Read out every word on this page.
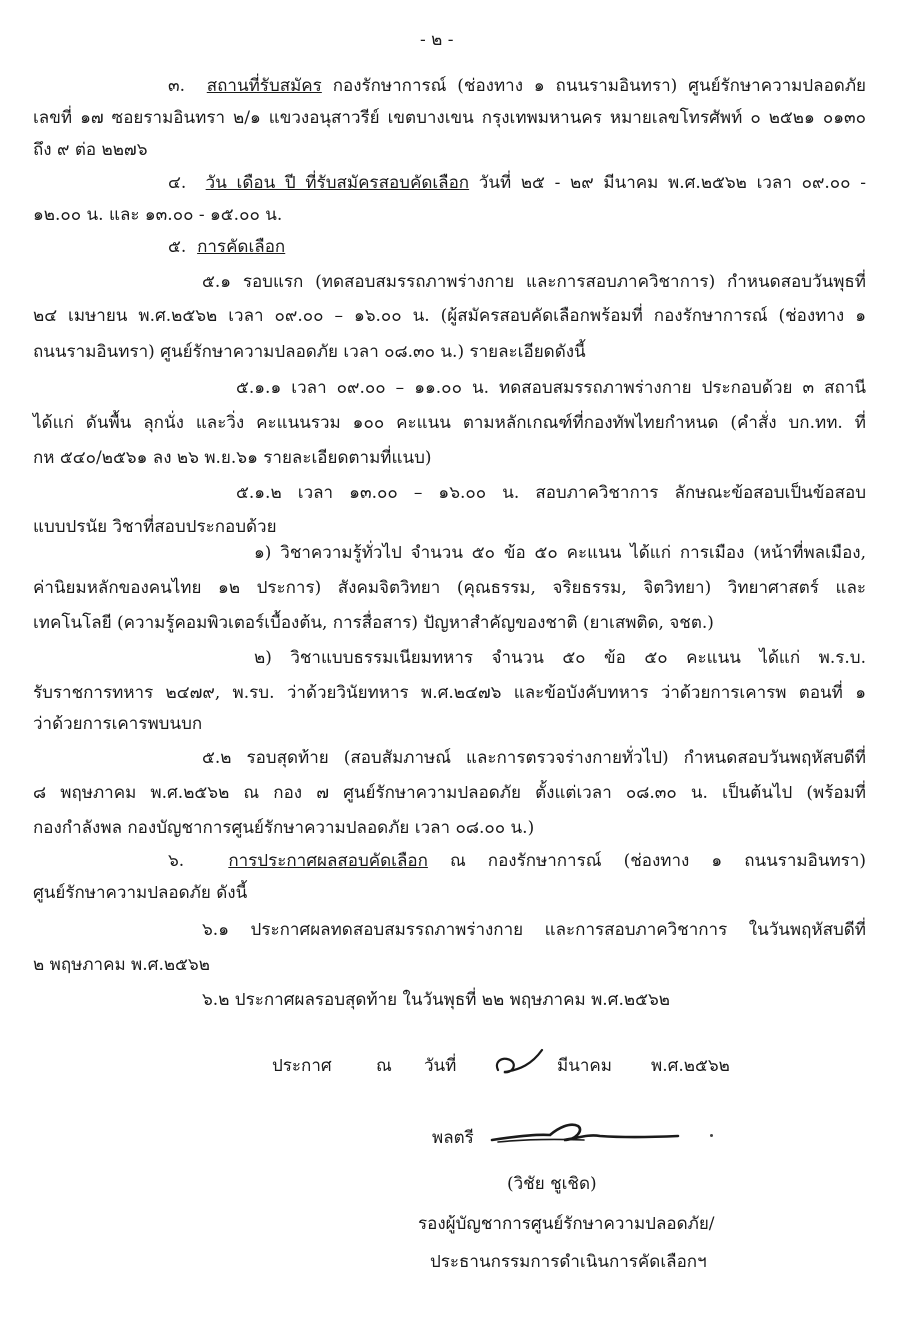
- ๒ -

๓. สถานที่รับสมัคร กองรักษาการณ์ (ช่องทาง ๑ ถนนรามอินทรา) ศูนย์รักษาความปลอดภัย

เลขที่ ๑๗ ซอยรามอินทรา ๒/๑ แขวงอนุสาวรีย์ เขตบางเขน กรุงเทพมหานคร หมายเลขโทรศัพท์ ๐ ๒๕๒๑ ๐๑๓๐

ถึง ๙ ต่อ ๒๒๗๖

๔. วัน เดือน ปี ที่รับสมัครสอบคัดเลือก วันที่ ๒๕ - ๒๙ มีนาคม พ.ศ.๒๕๖๒ เวลา ๐๙.๐๐ -

๑๒.๐๐ น. และ ๑๓.๐๐ - ๑๕.๐๐ น.

๕. การคัดเลือก

๕.๑ รอบแรก (ทดสอบสมรรถภาพร่างกาย และการสอบภาควิชาการ) กำหนดสอบวันพุธที่

๒๔ เมษายน พ.ศ.๒๕๖๒ เวลา ๐๙.๐๐ – ๑๖.๐๐ น. (ผู้สมัครสอบคัดเลือกพร้อมที่ กองรักษาการณ์ (ช่องทาง ๑

ถนนรามอินทรา) ศูนย์รักษาความปลอดภัย เวลา ๐๘.๓๐ น.) รายละเอียดดังนี้

๕.๑.๑ เวลา ๐๙.๐๐ – ๑๑.๐๐ น. ทดสอบสมรรถภาพร่างกาย ประกอบด้วย ๓ สถานี

ได้แก่ ดันพื้น ลุกนั่ง และวิ่ง คะแนนรวม ๑๐๐ คะแนน ตามหลักเกณฑ์ที่กองทัพไทยกำหนด (คำสั่ง บก.ทท. ที่

กห ๕๔๐/๒๕๖๑ ลง ๒๖ พ.ย.๖๑ รายละเอียดตามที่แนบ)

๕.๑.๒ เวลา ๑๓.๐๐ – ๑๖.๐๐ น. สอบภาควิชาการ ลักษณะข้อสอบเป็นข้อสอบ

แบบปรนัย วิชาที่สอบประกอบด้วย

๑) วิชาความรู้ทั่วไป จำนวน ๕๐ ข้อ ๕๐ คะแนน ได้แก่ การเมือง (หน้าที่พลเมือง,

ค่านิยมหลักของคนไทย ๑๒ ประการ) สังคมจิตวิทยา (คุณธรรม, จริยธรรม, จิตวิทยา) วิทยาศาสตร์ และ

เทคโนโลยี (ความรู้คอมพิวเตอร์เบื้องต้น, การสื่อสาร) ปัญหาสำคัญของชาติ (ยาเสพติด, จชต.)

๒) วิชาแบบธรรมเนียมทหาร จำนวน ๕๐ ข้อ ๕๐ คะแนน ได้แก่ พ.ร.บ.

รับราชการทหาร ๒๔๗๙, พ.รบ. ว่าด้วยวินัยทหาร พ.ศ.๒๔๗๖ และข้อบังคับทหาร ว่าด้วยการเคารพ ตอนที่ ๑

ว่าด้วยการเคารพบนบก

๕.๒ รอบสุดท้าย (สอบสัมภาษณ์ และการตรวจร่างกายทั่วไป) กำหนดสอบวันพฤหัสบดีที่

๘ พฤษภาคม พ.ศ.๒๕๖๒ ณ กอง ๗ ศูนย์รักษาความปลอดภัย ตั้งแต่เวลา ๐๘.๓๐ น. เป็นต้นไป (พร้อมที่

กองกำลังพล กองบัญชาการศูนย์รักษาความปลอดภัย เวลา ๐๘.๐๐ น.)

๖.	การประกาศผลสอบคัดเลือก ณ กองรักษาการณ์ (ช่องทาง ๑ ถนนรามอินทรา)

ศูนย์รักษาความปลอดภัย ดังนี้

๖.๑ ประกาศผลทดสอบสมรรถภาพร่างกาย และการสอบภาควิชาการ ในวันพฤหัสบดีที่

๒ พฤษภาคม พ.ศ.๒๕๖๒

๖.๒ ประกาศผลรอบสุดท้าย ในวันพุธที่ ๒๒ พฤษภาคม พ.ศ.๒๕๖๒

ประกาศ	ณ วันที่	มีนาคม พ.ศ.๒๕๖๒

พลตรี

(วิชัย ชูเชิด)

รองผู้บัญชาการศูนย์รักษาความปลอดภัย/

ประธานกรรมการดำเนินการคัดเลือกฯ
